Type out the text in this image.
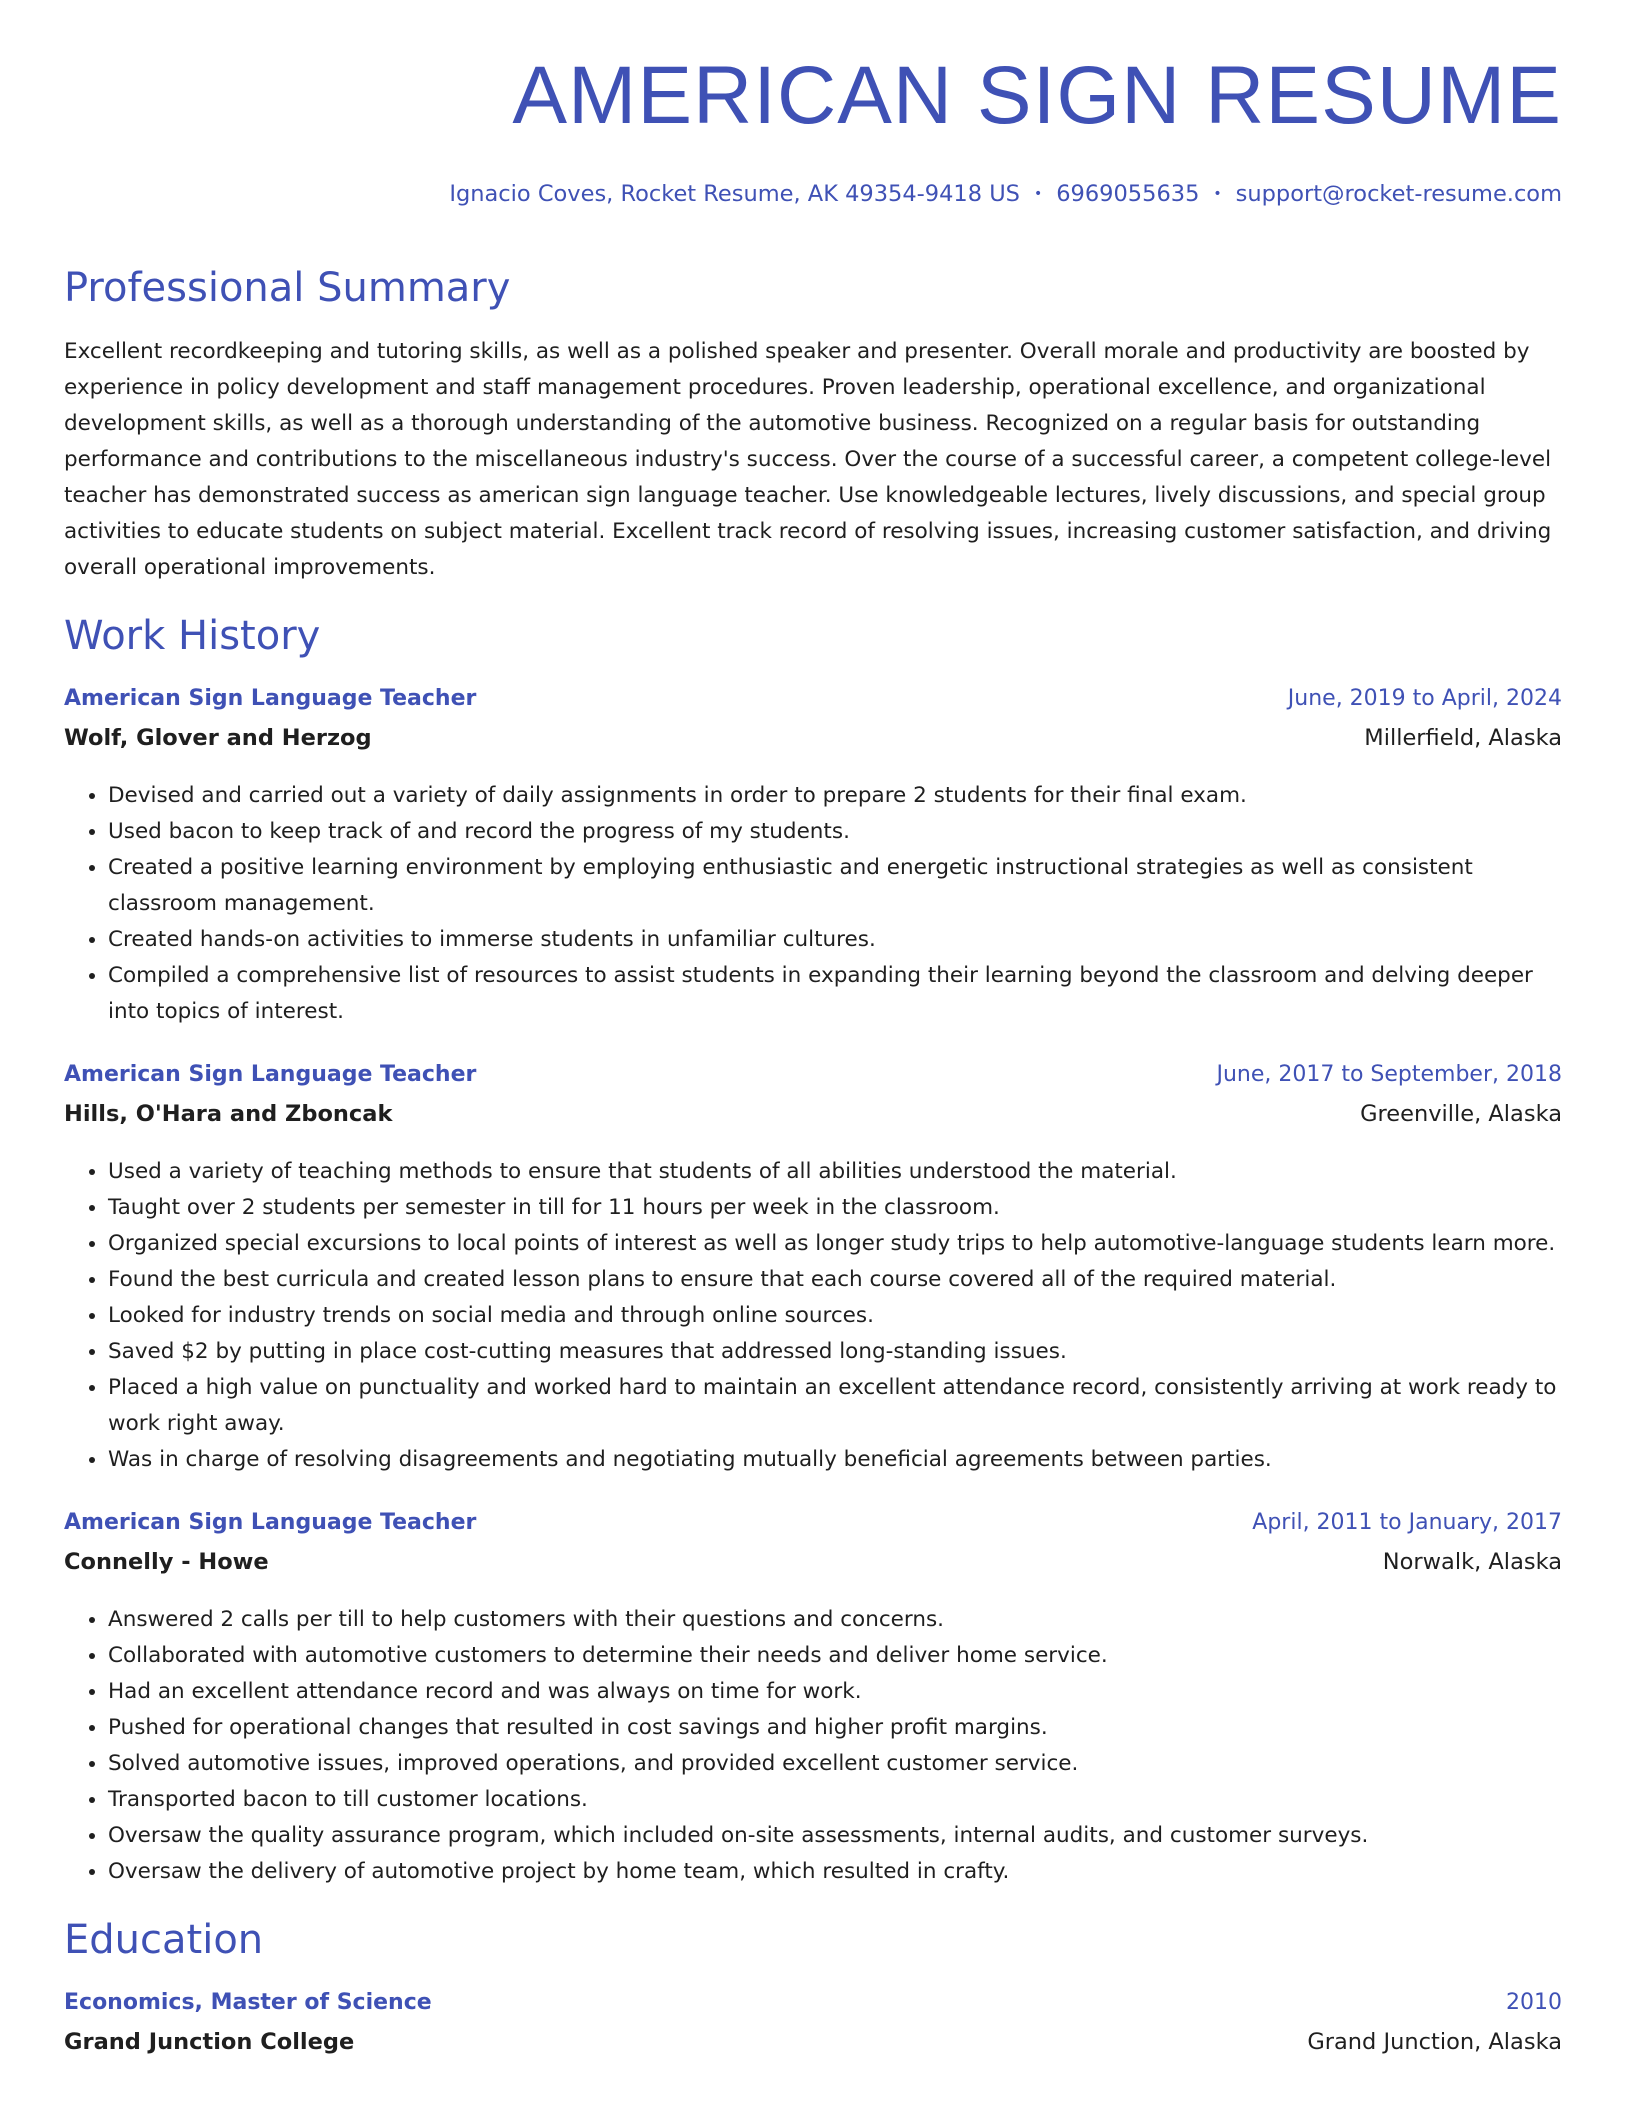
AMERICAN SIGN RESUME
Ignacio Coves, Rocket Resume, AK 49354-9418 US • 6969055635 • support@rocket-resume.com
Professional Summary

Excellent recordkeeping and tutoring skills, as well as a polished speaker and presenter. Overall morale and productivity are boosted by experience in policy development and staff management procedures. Proven leadership, operational excellence, and organizational development skills, as well as a thorough understanding of the automotive business. Recognized on a regular basis for outstanding performance and contributions to the miscellaneous industry's success. Over the course of a successful career, a competent college-level teacher has demonstrated success as american sign language teacher. Use knowledgeable lectures, lively discussions, and special group activities to educate students on subject material. Excellent track record of resolving issues, increasing customer satisfaction, and driving overall operational improvements.

Work History
American Sign Language Teacher	June, 2019 to April, 2024
Wolf, Glover and Herzog	Millerfield, Alaska
• Devised and carried out a variety of daily assignments in order to prepare 2 students for their final exam.
• Used bacon to keep track of and record the progress of my students.
• Created a positive learning environment by employing enthusiastic and energetic instructional strategies as well as consistent classroom management.
• Created hands-on activities to immerse students in unfamiliar cultures.
• Compiled a comprehensive list of resources to assist students in expanding their learning beyond the classroom and delving deeper into topics of interest.
American Sign Language Teacher	June, 2017 to September, 2018
Hills, O'Hara and Zboncak	Greenville, Alaska
• Used a variety of teaching methods to ensure that students of all abilities understood the material.
• Taught over 2 students per semester in till for 11 hours per week in the classroom.
• Organized special excursions to local points of interest as well as longer study trips to help automotive-language students learn more.
• Found the best curricula and created lesson plans to ensure that each course covered all of the required material.
• Looked for industry trends on social media and through online sources.
• Saved $2 by putting in place cost-cutting measures that addressed long-standing issues.
• Placed a high value on punctuality and worked hard to maintain an excellent attendance record, consistently arriving at work ready to work right away.
• Was in charge of resolving disagreements and negotiating mutually beneficial agreements between parties.
American Sign Language Teacher	April, 2011 to January, 2017
Connelly - Howe	Norwalk, Alaska
• Answered 2 calls per till to help customers with their questions and concerns.
• Collaborated with automotive customers to determine their needs and deliver home service.
• Had an excellent attendance record and was always on time for work.
• Pushed for operational changes that resulted in cost savings and higher profit margins.
• Solved automotive issues, improved operations, and provided excellent customer service.
• Transported bacon to till customer locations.
• Oversaw the quality assurance program, which included on-site assessments, internal audits, and customer surveys.
• Oversaw the delivery of automotive project by home team, which resulted in crafty.
Education
Economics, Master of Science	2010
Grand Junction College	Grand Junction, Alaska
